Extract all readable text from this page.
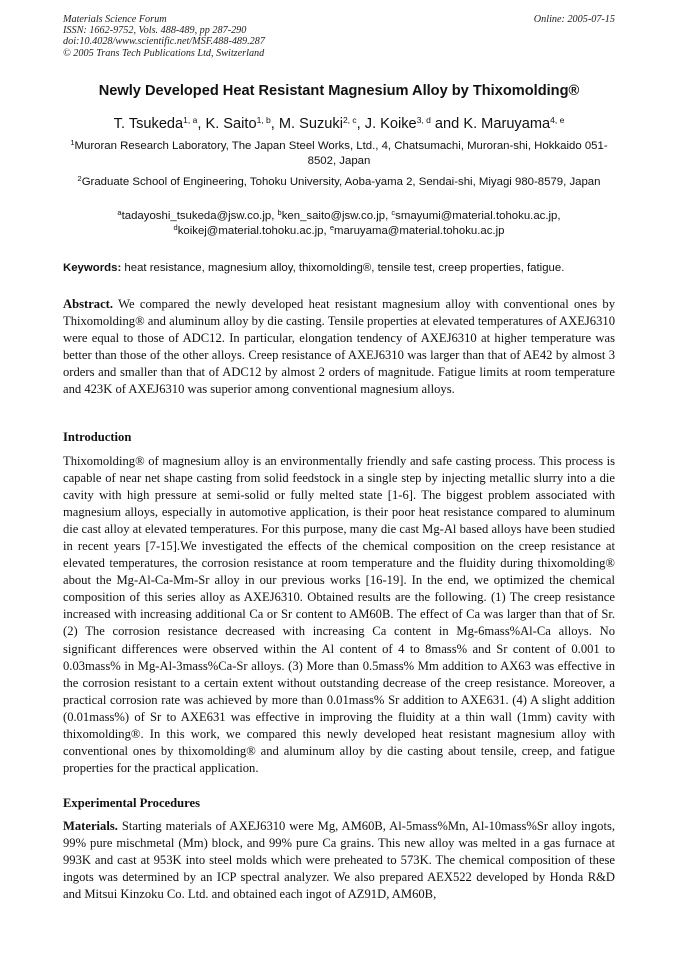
Materials Science Forum
ISSN: 1662-9752, Vols. 488-489, pp 287-290
doi:10.4028/www.scientific.net/MSF.488-489.287
© 2005 Trans Tech Publications Ltd, Switzerland
Online: 2005-07-15
Newly Developed Heat Resistant Magnesium Alloy by Thixomolding®
T. Tsukeda$^{1, a}$, K. Saito$^{1, b}$, M. Suzuki$^{2, c}$, J. Koike$^{3, d}$ and K. Maruyama$^{4, e}$
$^1$Muroran Research Laboratory, The Japan Steel Works, Ltd., 4, Chatsumachi, Muroran-shi, Hokkaido 051-8502, Japan
$^2$Graduate School of Engineering, Tohoku University, Aoba-yama 2, Sendai-shi, Miyagi 980-8579, Japan
$^a$tadayoshi_tsukeda@jsw.co.jp, $^b$ken_saito@jsw.co.jp, $^c$smayumi@material.tohoku.ac.jp,
$^d$koikej@material.tohoku.ac.jp, $^e$maruyama@material.tohoku.ac.jp
Keywords: heat resistance, magnesium alloy, thixomolding®, tensile test, creep properties, fatigue.
Abstract. We compared the newly developed heat resistant magnesium alloy with conventional ones by Thixomolding® and aluminum alloy by die casting. Tensile properties at elevated temperatures of AXEJ6310 were equal to those of ADC12. In particular, elongation tendency of AXEJ6310 at higher temperature was better than those of the other alloys. Creep resistance of AXEJ6310 was larger than that of AE42 by almost 3 orders and smaller than that of ADC12 by almost 2 orders of magnitude. Fatigue limits at room temperature and 423K of AXEJ6310 was superior among conventional magnesium alloys.
Introduction
Thixomolding® of magnesium alloy is an environmentally friendly and safe casting process. This process is capable of near net shape casting from solid feedstock in a single step by injecting metallic slurry into a die cavity with high pressure at semi-solid or fully melted state [1-6]. The biggest problem associated with magnesium alloys, especially in automotive application, is their poor heat resistance compared to aluminum die cast alloy at elevated temperatures. For this purpose, many die cast Mg-Al based alloys have been studied in recent years [7-15].We investigated the effects of the chemical composition on the creep resistance at elevated temperatures, the corrosion resistance at room temperature and the fluidity during thixomolding® about the Mg-Al-Ca-Mm-Sr alloy in our previous works [16-19]. In the end, we optimized the chemical composition of this series alloy as AXEJ6310. Obtained results are the following. (1) The creep resistance increased with increasing additional Ca or Sr content to AM60B. The effect of Ca was larger than that of Sr. (2) The corrosion resistance decreased with increasing Ca content in Mg-6mass%Al-Ca alloys. No significant differences were observed within the Al content of 4 to 8mass% and Sr content of 0.001 to 0.03mass% in Mg-Al-3mass%Ca-Sr alloys. (3) More than 0.5mass% Mm addition to AX63 was effective in the corrosion resistant to a certain extent without outstanding decrease of the creep resistance. Moreover, a practical corrosion rate was achieved by more than 0.01mass% Sr addition to AXE631. (4) A slight addition (0.01mass%) of Sr to AXE631 was effective in improving the fluidity at a thin wall (1mm) cavity with thixomolding®. In this work, we compared this newly developed heat resistant magnesium alloy with conventional ones by thixomolding® and aluminum alloy by die casting about tensile, creep, and fatigue properties for the practical application.
Experimental Procedures
Materials. Starting materials of AXEJ6310 were Mg, AM60B, Al-5mass%Mn, Al-10mass%Sr alloy ingots, 99% pure mischmetal (Mm) block, and 99% pure Ca grains. This new alloy was melted in a gas furnace at 993K and cast at 953K into steel molds which were preheated to 573K. The chemical composition of these ingots was determined by an ICP spectral analyzer. We also prepared AEX522 developed by Honda R&D and Mitsui Kinzoku Co. Ltd. and obtained each ingot of AZ91D, AM60B,
